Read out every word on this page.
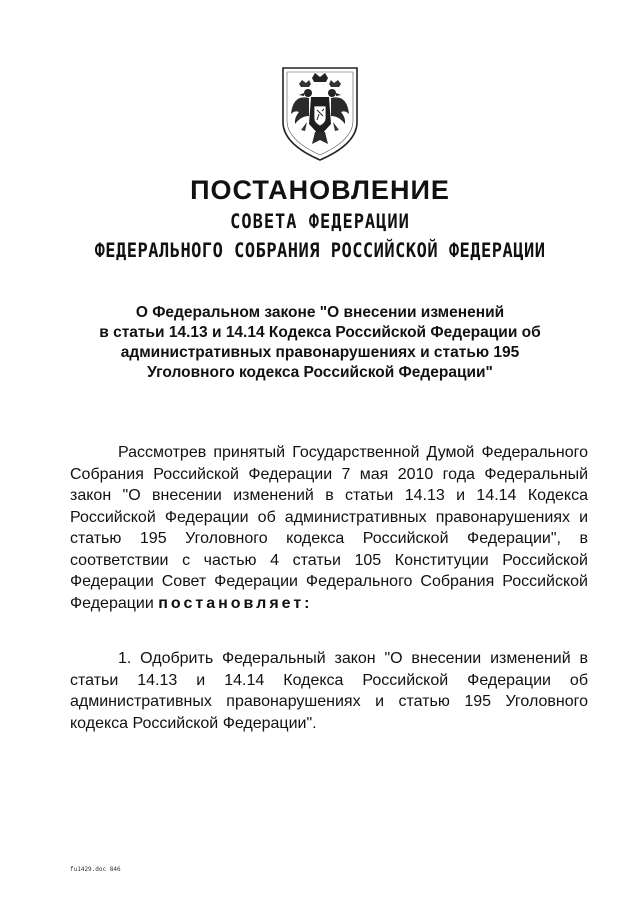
ПОСТАНОВЛЕНИЕ

СОВЕТА ФЕДЕРАЦИИ

ФЕДЕРАЛЬНОГО СОБРАНИЯ РОССИЙСКОЙ ФЕДЕРАЦИИ

О Федеральном законе "О внесении изменений
в статьи 14.13 и 14.14 Кодекса Российской Федерации об
административных правонарушениях и статью 195
Уголовного кодекса Российской Федерации"
Рассмотрев принятый Государственной Думой Федерального
Собрания Российской Федерации 7 мая 2010 года Федеральный
закон "О внесении изменений в статьи 14.13 и 14.14 Кодекса
Российской Федерации об административных правонарушениях и
статью 195 Уголовного кодекса Российской Федерации", в
соответствии с частью 4 статьи 105 Конституции Российской
Федерации Совет Федерации Федерального Собрания Российской
Федерации постановляет:
1. Одобрить Федеральный закон "О внесении изменений в
статьи 14.13 и 14.14 Кодекса Российской Федерации об
административных правонарушениях и статью 195 Уголовного
кодекса Российской Федерации".

fu1429.doc 846
